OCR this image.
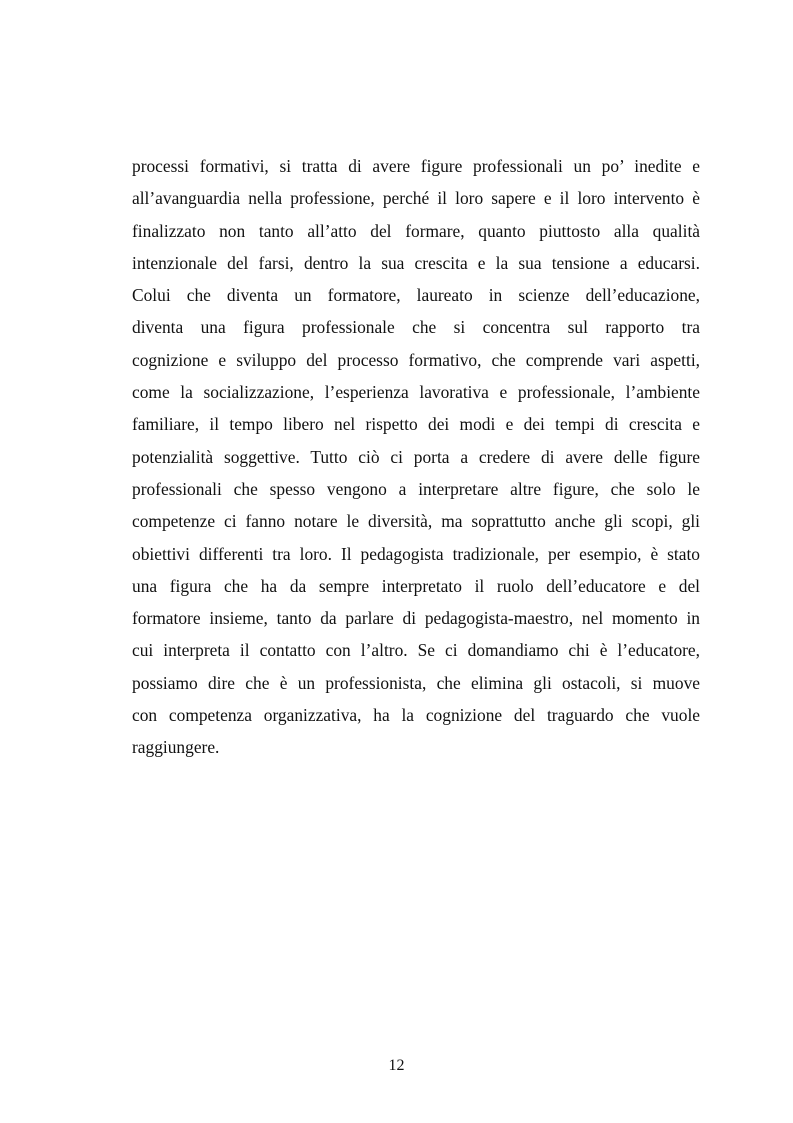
processi formativi, si tratta di avere figure professionali un po’ inedite e
all’avanguardia nella professione, perché il loro sapere e il loro intervento è
finalizzato non tanto all’atto del formare, quanto piuttosto alla qualità
intenzionale del farsi, dentro la sua crescita e la sua tensione a educarsi.
Colui che diventa un formatore, laureato in scienze dell’educazione,
diventa una figura professionale che si concentra sul rapporto tra
cognizione e sviluppo del processo formativo, che comprende vari aspetti,
come la socializzazione, l’esperienza lavorativa e professionale, l’ambiente
familiare, il tempo libero nel rispetto dei modi e dei tempi di crescita e
potenzialità soggettive. Tutto ciò ci porta a credere di avere delle figure
professionali che spesso vengono a interpretare altre figure, che solo le
competenze ci fanno notare le diversità, ma soprattutto anche gli scopi, gli
obiettivi differenti tra loro. Il pedagogista tradizionale, per esempio, è stato
una figura che ha da sempre interpretato il ruolo dell’educatore e del
formatore insieme, tanto da parlare di pedagogista-maestro, nel momento in
cui interpreta il contatto con l’altro. Se ci domandiamo chi è l’educatore,
possiamo dire che è un professionista, che elimina gli ostacoli, si muove
con competenza organizzativa, ha la cognizione del traguardo che vuole
raggiungere.
12
